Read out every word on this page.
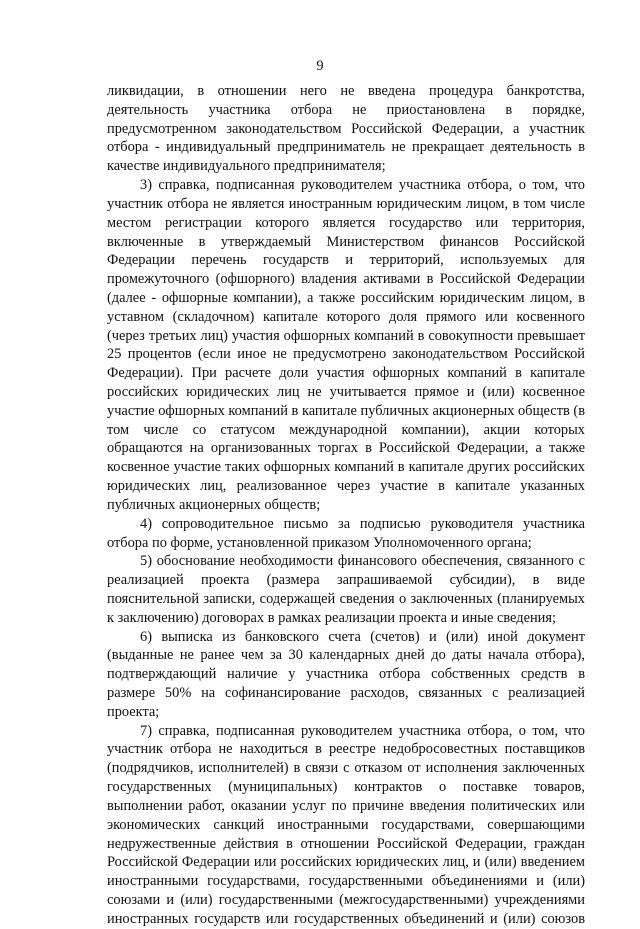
9
ликвидации, в отношении него не введена процедура банкротства,
деятельность участника отбора не приостановлена в порядке,
предусмотренном законодательством Российской Федерации, а участник
отбора - индивидуальный предприниматель не прекращает деятельность в
качестве индивидуального предпринимателя;
3) справка, подписанная руководителем участника отбора, о том, что
участник отбора не является иностранным юридическим лицом, в том числе
местом регистрации которого является государство или территория,
включенные в утверждаемый Министерством финансов Российской
Федерации перечень государств и территорий, используемых для
промежуточного (офшорного) владения активами в Российской Федерации
(далее - офшорные компании), а также российским юридическим лицом, в
уставном (складочном) капитале которого доля прямого или косвенного
(через третьих лиц) участия офшорных компаний в совокупности превышает
25 процентов (если иное не предусмотрено законодательством Российской
Федерации). При расчете доли участия офшорных компаний в капитале
российских юридических лиц не учитывается прямое и (или) косвенное
участие офшорных компаний в капитале публичных акционерных обществ (в
том числе со статусом международной компании), акции которых
обращаются на организованных торгах в Российской Федерации, а также
косвенное участие таких офшорных компаний в капитале других российских
юридических лиц, реализованное через участие в капитале указанных
публичных акционерных обществ;
4) сопроводительное письмо за подписью руководителя участника
отбора по форме, установленной приказом Уполномоченного органа;
5) обоснование необходимости финансового обеспечения, связанного с
реализацией проекта (размера запрашиваемой субсидии), в виде
пояснительной записки, содержащей сведения о заключенных (планируемых
к заключению) договорах в рамках реализации проекта и иные сведения;
6) выписка из банковского счета (счетов) и (или) иной документ
(выданные не ранее чем за 30 календарных дней до даты начала отбора),
подтверждающий наличие у участника отбора собственных средств в
размере 50% на софинансирование расходов, связанных с реализацией
проекта;
7) справка, подписанная руководителем участника отбора, о том, что
участник отбора не находиться в реестре недобросовестных поставщиков
(подрядчиков, исполнителей) в связи с отказом от исполнения заключенных
государственных (муниципальных) контрактов о поставке товаров,
выполнении работ, оказании услуг по причине введения политических или
экономических санкций иностранными государствами, совершающими
недружественные действия в отношении Российской Федерации, граждан
Российской Федерации или российских юридических лиц, и (или) введением
иностранными государствами, государственными объединениями и (или)
союзами и (или) государственными (межгосударственными) учреждениями
иностранных государств или государственных объединений и (или) союзов
